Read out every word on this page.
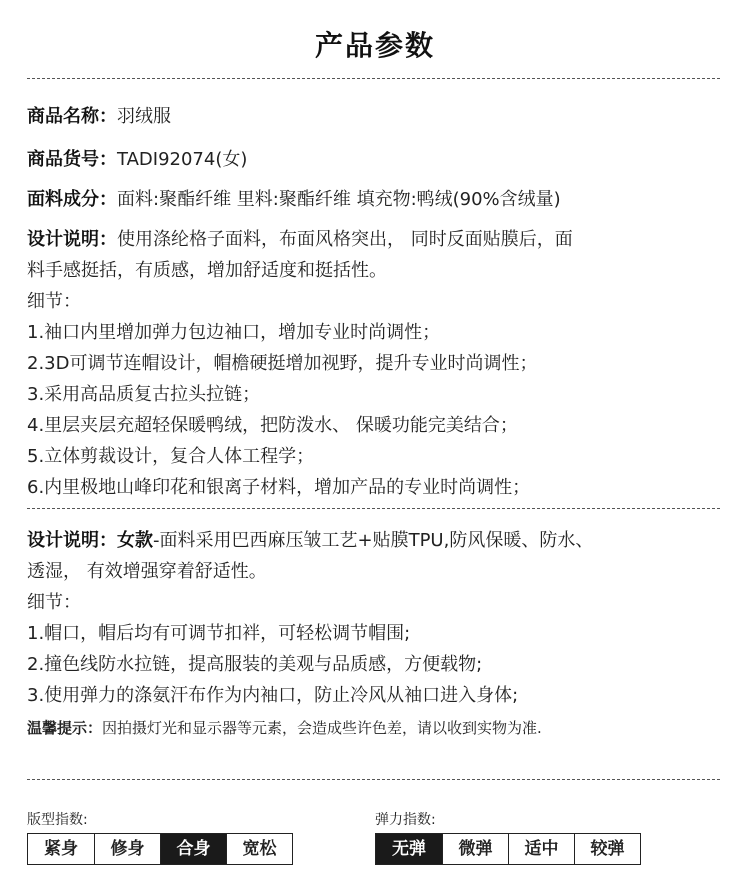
产品参数
商品名称：羽绒服
商品货号：TADI92074(女)
面料成分：面料:聚酯纤维 里料:聚酯纤维 填充物:鸭绒(90%含绒量)
设计说明：使用涤纶格子面料，布面风格突出， 同时反面贴膜后，面
料手感挺括，有质感，增加舒适度和挺括性。
细节：
1.袖口内里增加弹力包边袖口，增加专业时尚调性；
2.3D可调节连帽设计，帽檐硬挺增加视野，提升专业时尚调性；
3.采用高品质复古拉头拉链；
4.里层夹层充超轻保暖鸭绒，把防泼水、 保暖功能完美结合；
5.立体剪裁设计，复合人体工程学；
6.内里极地山峰印花和银离子材料，增加产品的专业时尚调性；
设计说明：女款-面料采用巴西麻压皱工艺+贴膜TPU,防风保暖、防水、
透湿， 有效增强穿着舒适性。
细节：
1.帽口，帽后均有可调节扣袢，可轻松调节帽围;
2.撞色线防水拉链，提高服装的美观与品质感，方便载物;
3.使用弹力的涤氨汗布作为内袖口，防止冷风从袖口进入身体;
温馨提示：因拍摄灯光和显示器等元素，会造成些许色差，请以收到实物为准.
版型指数:
紧身	修身	合身	宽松
弹力指数:
无弹	微弹	适中	较弹
